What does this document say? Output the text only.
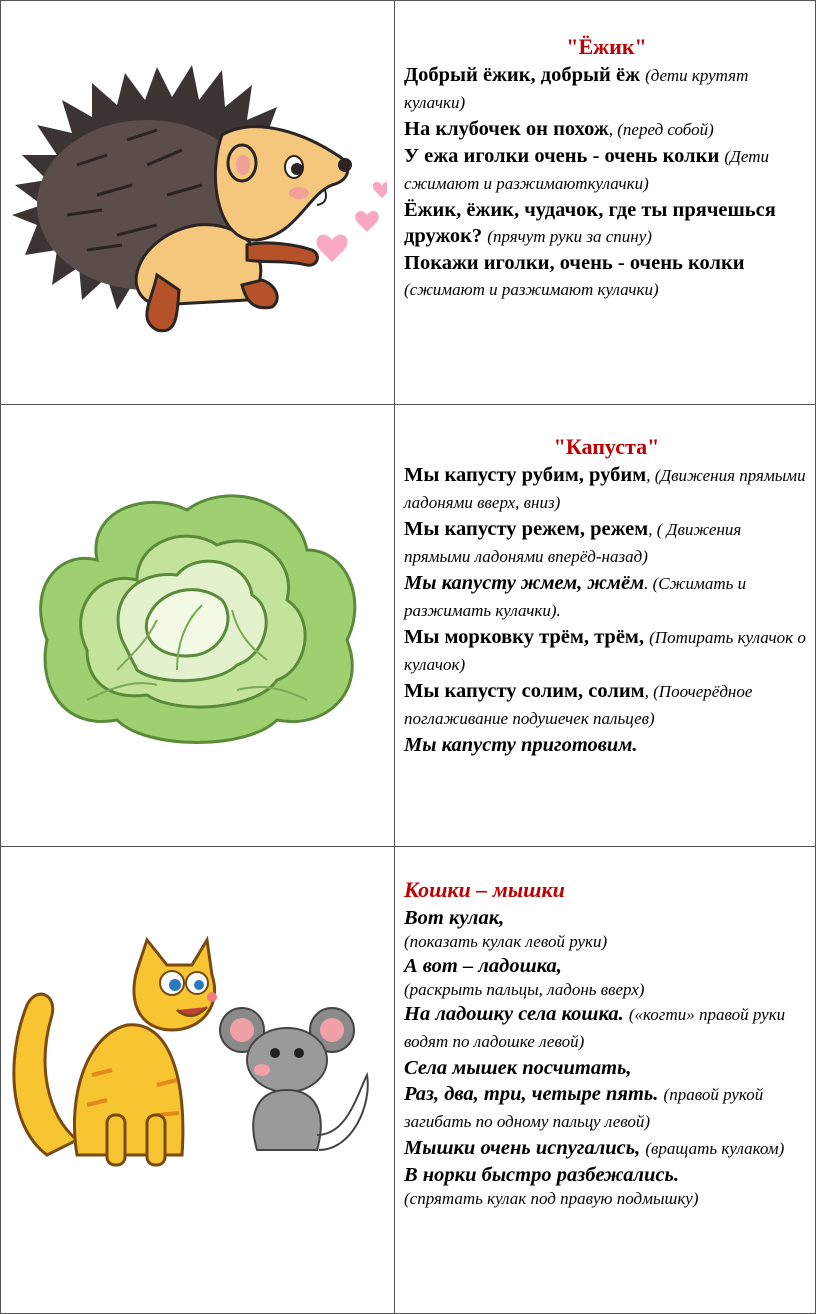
"Ёжик"

Добрый ёжик, добрый ёж (дети крутят кулачки)

На клубочек он похож, (перед собой)

У ежа иголки очень - очень колки (Дети сжимают и разжимаюткулачки)

Ёжик, ёжик, чудачок, где ты прячешься дружок? (прячут руки за спину)

Покажи иголки, очень - очень колки (сжимают и разжимают кулачки)

"Капуста"

Мы капусту рубим, рубим, (Движения прямыми ладонями вверх, вниз)

Мы капусту режем, режем, ( Движения прямыми ладонями вперёд-назад)

Мы капусту жмем, жмём. (Сжимать и разжимать кулачки).

Мы морковку трём, трём, (Потирать кулачок о кулачок)

Мы капусту солим, солим, (Поочерёдное поглаживание подушечек пальцев)

Мы капусту приготовим.

Кошки – мышки

Вот кулак,

(показать кулак левой руки)

А вот – ладошка,

(раскрыть пальцы, ладонь вверх)

На ладошку села кошка. («когти» правой руки водят по ладошке левой)

Села мышек посчитать,

Раз, два, три, четыре пять. (правой рукой загибать по одному пальцу левой)

Мышки очень испугались, (вращать кулаком)

В норки быстро разбежались.

(спрятать кулак под правую подмышку)
